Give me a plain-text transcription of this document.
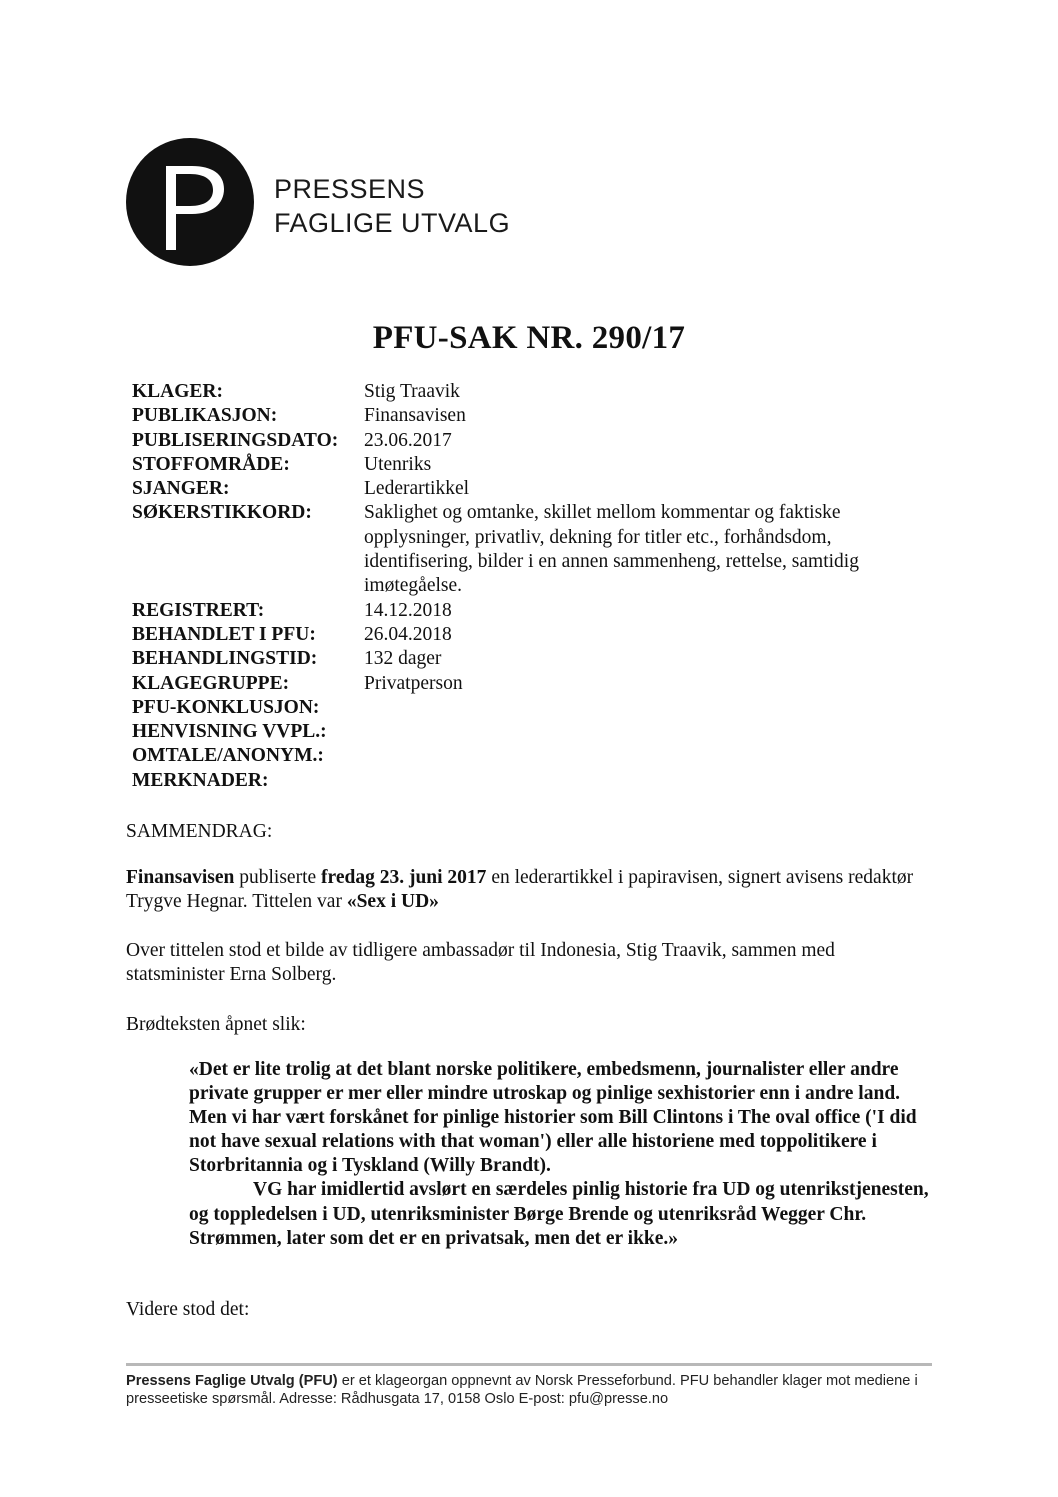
PRESSENS
FAGLIGE UTVALG
PFU-SAK NR. 290/17
KLAGER:	Stig Traavik
PUBLIKASJON:	Finansavisen
PUBLISERINGSDATO:	23.06.2017
STOFFOMRÅDE:	Utenriks
SJANGER:	Lederartikkel
SØKERSTIKKORD:	Saklighet og omtanke, skillet mellom kommentar og faktiske opplysninger, privatliv, dekning for titler etc., forhåndsdom, identifisering, bilder i en annen sammenheng, rettelse, samtidig imøtegåelse.
REGISTRERT:	14.12.2018
BEHANDLET I PFU:	26.04.2018
BEHANDLINGSTID:	132 dager
KLAGEGRUPPE:	Privatperson
PFU-KONKLUSJON:
HENVISNING VVPL.:
OMTALE/ANONYM.:
MERKNADER:
SAMMENDRAG:
Finansavisen publiserte fredag 23. juni 2017 en lederartikkel i papiravisen, signert avisens redaktør Trygve Hegnar. Tittelen var «Sex i UD»
Over tittelen stod et bilde av tidligere ambassadør til Indonesia, Stig Traavik, sammen med statsminister Erna Solberg.
Brødteksten åpnet slik:
«Det er lite trolig at det blant norske politikere, embedsmenn, journalister eller andre private grupper er mer eller mindre utroskap og pinlige sexhistorier enn i andre land. Men vi har vært forskånet for pinlige historier som Bill Clintons i The oval office ('I did not have sexual relations with that woman') eller alle historiene med toppolitikere i Storbritannia og i Tyskland (Willy Brandt).
VG har imidlertid avslørt en særdeles pinlig historie fra UD og utenrikstjenesten, og toppledelsen i UD, utenriksminister Børge Brende og utenriksråd Wegger Chr. Strømmen, later som det er en privatsak, men det er ikke.»
Videre stod det:
Pressens Faglige Utvalg (PFU) er et klageorgan oppnevnt av Norsk Presseforbund. PFU behandler klager mot mediene i presseetiske spørsmål. Adresse: Rådhusgata 17, 0158 Oslo E-post: pfu@presse.no
